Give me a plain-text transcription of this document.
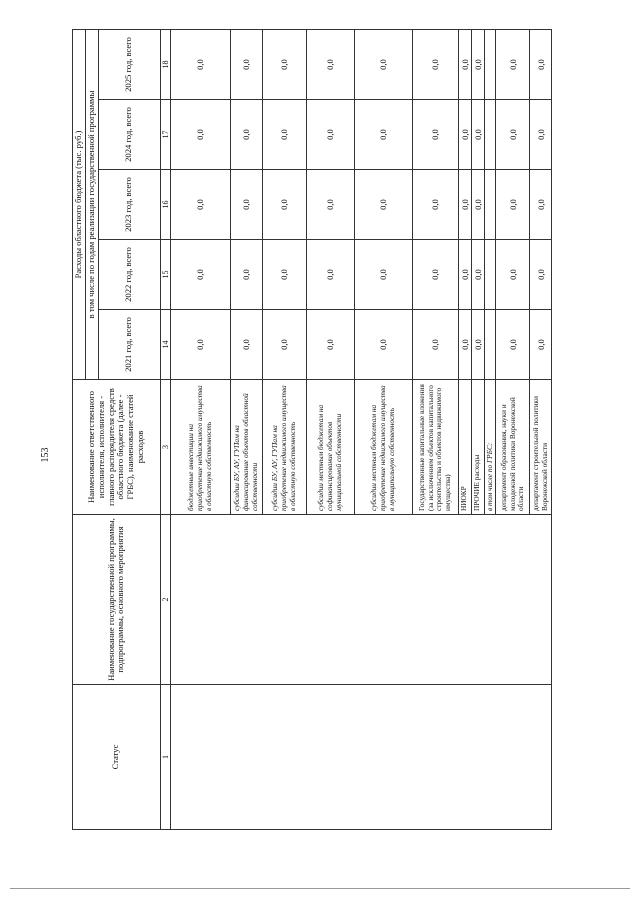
153
Статус	Наименование государственной программы, подпрограммы, основного мероприятия	Наименование ответственного исполнителя, исполнителя - главного распорядителя средств областного бюджета (далее - ГРБС), наименование статей расходов	Расходы областного бюджета (тыс. руб.)				
			в том числе по годам реализации государственной программы				
			2021 год, всего	2022 год, всего	2023 год, всего	2024 год, всего	2025 год, всего
1	2	3	14	15	16	17	18
		бюджетные инвестиции на приобретение недвижимого имущества в областную собственность	0,0	0,0	0,0	0,0	0,0
		субсидии БУ, АУ, ГУПам на финансирование объектов областной собственности	0,0	0,0	0,0	0,0	0,0
		субсидии БУ, АУ, ГУПам на приобретение недвижимого имущества в областную собственность	0,0	0,0	0,0	0,0	0,0
		субсидии местным бюджетам на софинансирование объектов муниципальной собственности	0,0	0,0	0,0	0,0	0,0
		субсидии местным бюджетам на приобретение недвижимого имущества в муниципальную собственность	0,0	0,0	0,0	0,0	0,0
		Государственные капитальные вложения (за исключением объектов капитального строительства и объектов недвижимого имущества)	0,0	0,0	0,0	0,0	0,0
		НИОКР	0,0	0,0	0,0	0,0	0,0
		ПРОЧИЕ расходы	0,0	0,0	0,0	0,0	0,0
		в том числе по ГРБС:					
		департамент образования, науки и молодежной политики Воронежской области	0,0	0,0	0,0	0,0	0,0
		департамент строительной политики Воронежской области	0,0	0,0	0,0	0,0	0,0
